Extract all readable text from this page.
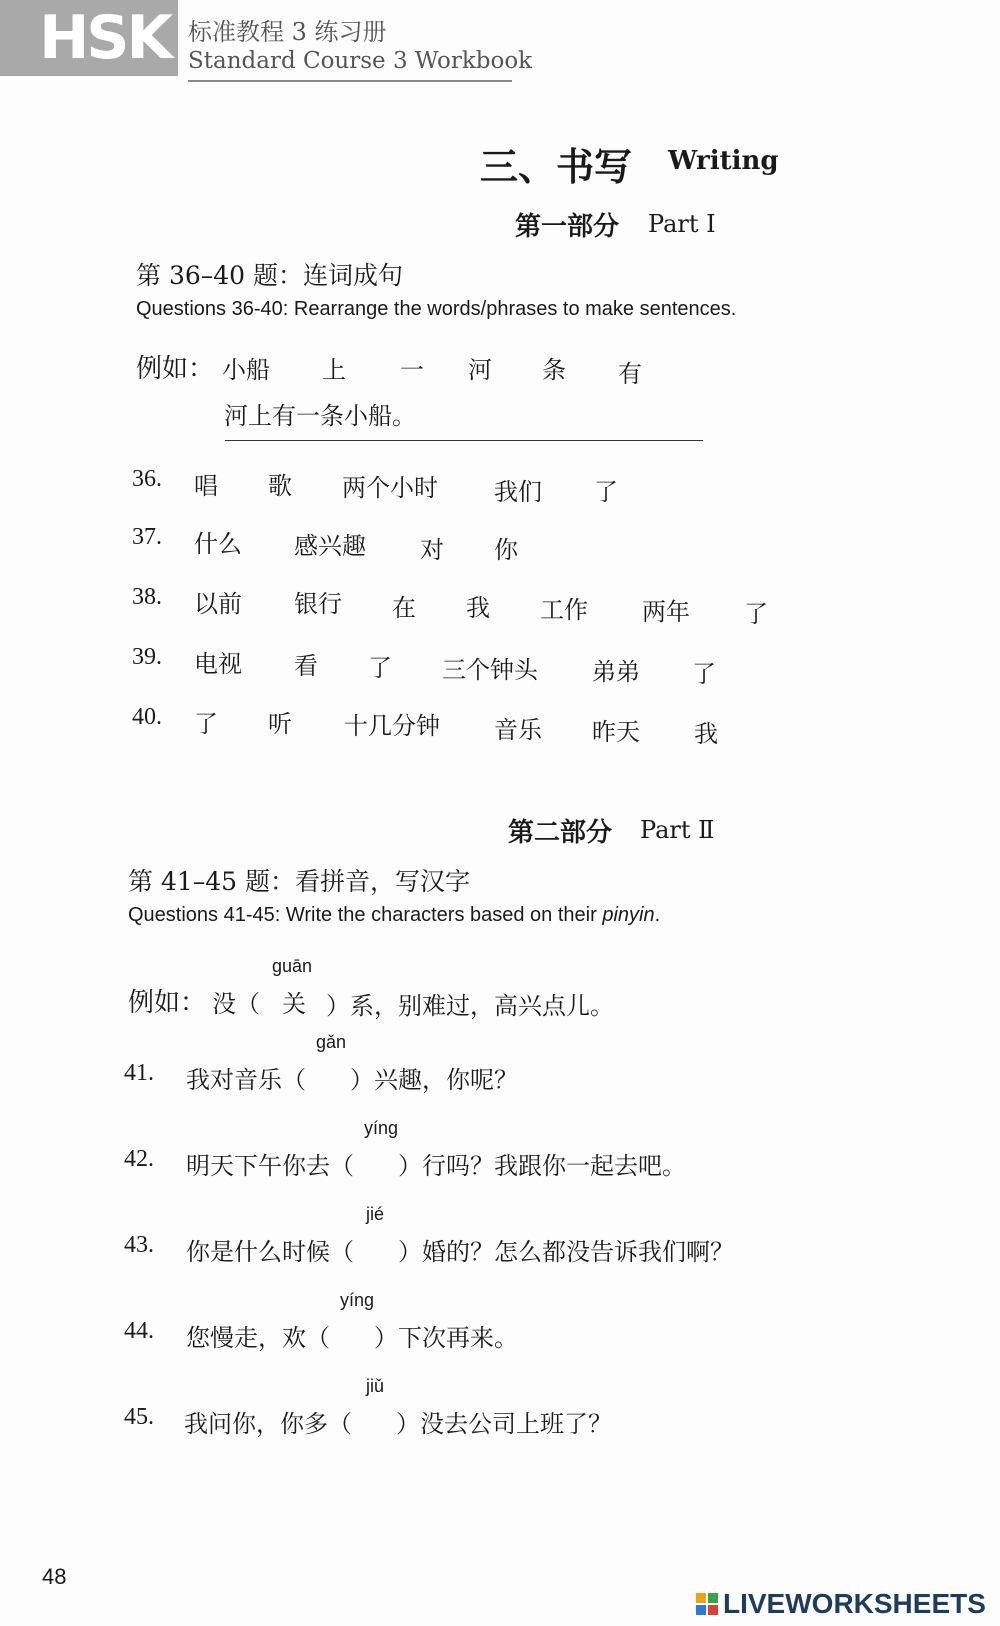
HSK 标准教程 3 练习册
Standard Course 3 Workbook
三、书写 Writing
第一部分 Part Ⅰ
第 36–40 题：连词成句
Questions 36-40: Rearrange the words/phrases to make sentences.
例如： 小船 上 一 河 条 有
河上有一条小船。
36. 唱 歌 两个小时 我们 了
37. 什么 感兴趣 对 你
38. 以前 银行 在 我 工作 两年 了
39. 电视 看 了 三个钟头 弟弟 了
40. 了 听 十几分钟 音乐 昨天 我
第二部分 Part Ⅱ
第 41–45 题：看拼音，写汉字
Questions 41-45: Write the characters based on their pinyin.
guān
例如： 没（ 关 ）系，别难过，高兴点儿。
gǎn
41. 我对音乐（ ）兴趣，你呢？
yíng
42. 明天下午你去（ ）行吗？我跟你一起去吧。
jié
43. 你是什么时候（ ）婚的？怎么都没告诉我们啊？
yíng
44. 您慢走，欢（ ）下次再来。
jiǔ
45. 我问你，你多（ ）没去公司上班了？
48
LIVEWORKSHEETS
